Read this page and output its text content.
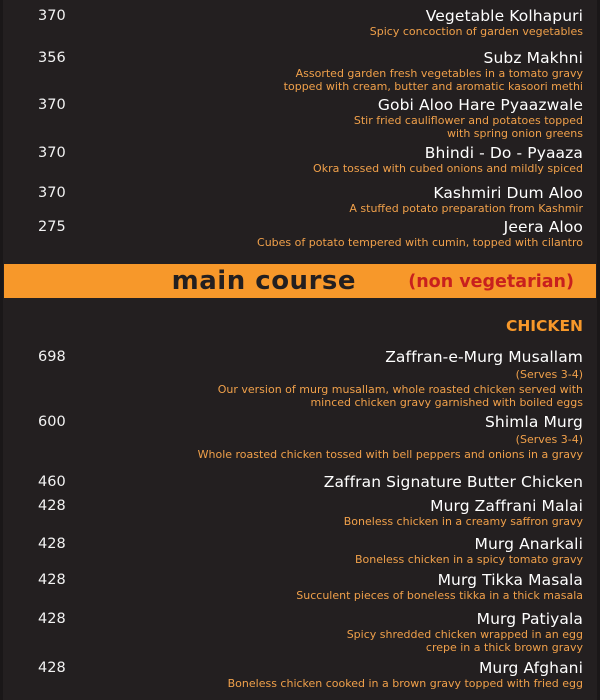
370	Vegetable Kolhapuri
Spicy concoction of garden vegetables
356	Subz Makhni
Assorted garden fresh vegetables in a tomato gravy
topped with cream, butter and aromatic kasoori methi
370	Gobi Aloo Hare Pyaazwale
Stir fried cauliflower and potatoes topped
with spring onion greens
370	Bhindi - Do - Pyaaza
Okra tossed with cubed onions and mildly spiced
370	Kashmiri Dum Aloo
A stuffed potato preparation from Kashmir
275	Jeera Aloo
Cubes of potato tempered with cumin, topped with cilantro
main course	(non vegetarian)
CHICKEN
698	Zaffran-e-Murg Musallam
(Serves 3-4)
Our version of murg musallam, whole roasted chicken served with
minced chicken gravy garnished with boiled eggs
600	Shimla Murg
(Serves 3-4)
Whole roasted chicken tossed with bell peppers and onions in a gravy
460	Zaffran Signature Butter Chicken
428	Murg Zaffrani Malai
Boneless chicken in a creamy saffron gravy
428	Murg Anarkali
Boneless chicken in a spicy tomato gravy
428	Murg Tikka Masala
Succulent pieces of boneless tikka in a thick masala
428	Murg Patiyala
Spicy shredded chicken wrapped in an egg
crepe in a thick brown gravy
428	Murg Afghani
Boneless chicken cooked in a brown gravy topped with fried egg
